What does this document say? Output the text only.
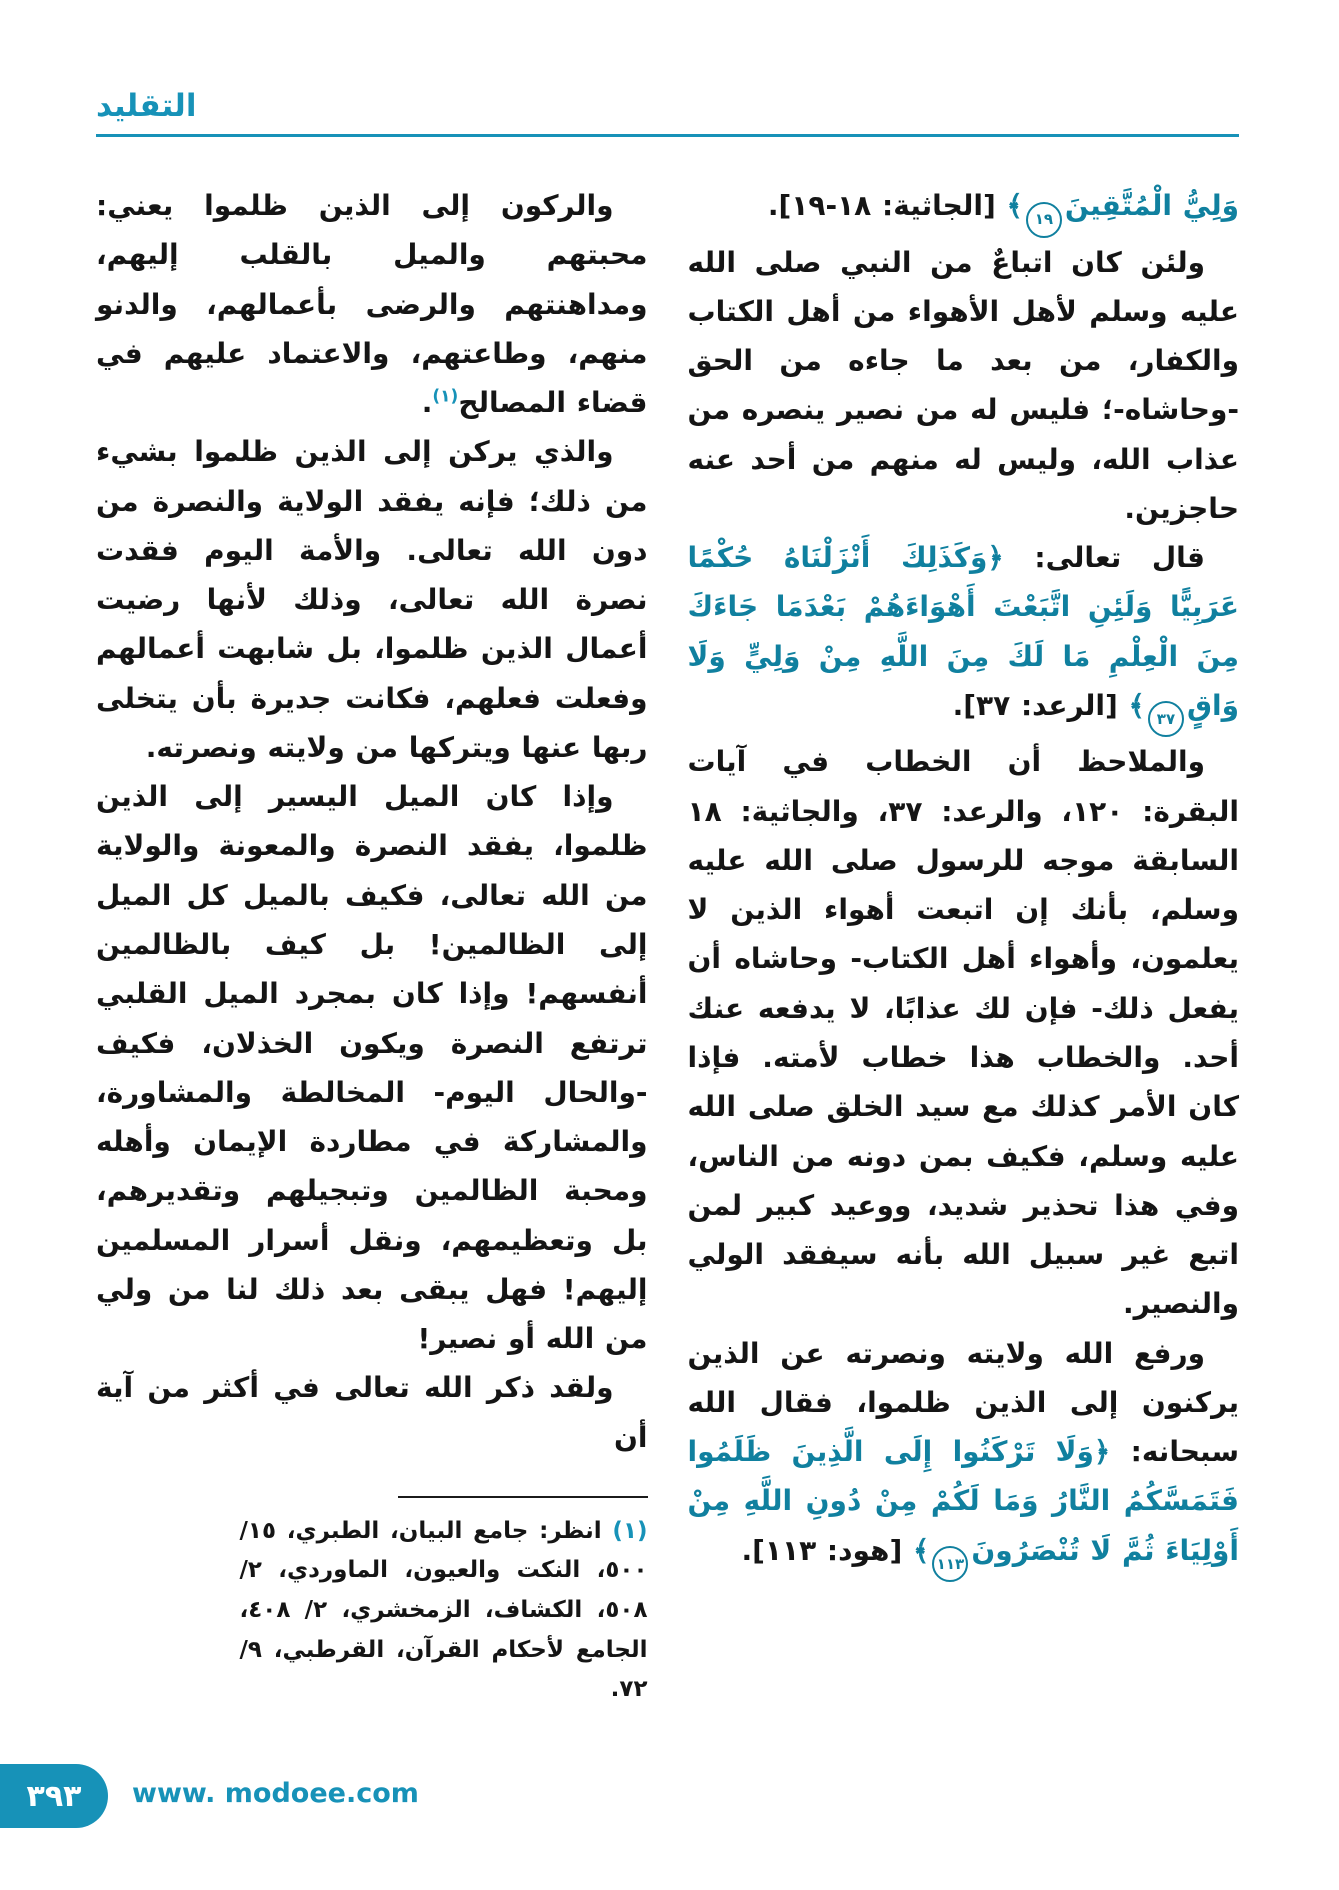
التقليد

وَلِيُّ الْمُتَّقِينَ١٩﴾ [الجاثية: ١٨-١٩].

ولئن كان اتباعٌ من النبي صلى الله عليه وسلم لأهل الأهواء من أهل الكتاب والكفار، من بعد ما جاءه من الحق -وحاشاه-؛ فليس له من نصير ينصره من عذاب الله، وليس له منهم من أحد عنه حاجزين.

قال تعالى: ﴿وَكَذَلِكَ أَنْزَلْنَاهُ حُكْمًا عَرَبِيًّا وَلَئِنِ اتَّبَعْتَ أَهْوَاءَهُمْ بَعْدَمَا جَاءَكَ مِنَ الْعِلْمِ مَا لَكَ مِنَ اللَّهِ مِنْ وَلِيٍّ وَلَا وَاقٍ٣٧﴾ [الرعد: ٣٧].

والملاحظ أن الخطاب في آيات البقرة: ١٢٠، والرعد: ٣٧، والجاثية: ١٨ السابقة موجه للرسول صلى الله عليه وسلم، بأنك إن اتبعت أهواء الذين لا يعلمون، وأهواء أهل الكتاب- وحاشاه أن يفعل ذلك- فإن لك عذابًا، لا يدفعه عنك أحد. والخطاب هذا خطاب لأمته. فإذا كان الأمر كذلك مع سيد الخلق صلى الله عليه وسلم، فكيف بمن دونه من الناس، وفي هذا تحذير شديد، ووعيد كبير لمن اتبع غير سبيل الله بأنه سيفقد الولي والنصير.

ورفع الله ولايته ونصرته عن الذين يركنون إلى الذين ظلموا، فقال الله سبحانه: ﴿وَلَا تَرْكَنُوا إِلَى الَّذِينَ ظَلَمُوا فَتَمَسَّكُمُ النَّارُ وَمَا لَكُمْ مِنْ دُونِ اللَّهِ مِنْ أَوْلِيَاءَ ثُمَّ لَا تُنْصَرُونَ١١٣﴾ [هود: ١١٣].

والركون إلى الذين ظلموا يعني: محبتهم والميل بالقلب إليهم، ومداهنتهم والرضى بأعمالهم، والدنو منهم، وطاعتهم، والاعتماد عليهم في قضاء المصالح$^{(١)}$.

والذي يركن إلى الذين ظلموا بشيء من ذلك؛ فإنه يفقد الولاية والنصرة من دون الله تعالى. والأمة اليوم فقدت نصرة الله تعالى، وذلك لأنها رضيت أعمال الذين ظلموا، بل شابهت أعمالهم وفعلت فعلهم، فكانت جديرة بأن يتخلى ربها عنها ويتركها من ولايته ونصرته.

وإذا كان الميل اليسير إلى الذين ظلموا، يفقد النصرة والمعونة والولاية من الله تعالى، فكيف بالميل كل الميل إلى الظالمين! بل كيف بالظالمين أنفسهم! وإذا كان بمجرد الميل القلبي ترتفع النصرة ويكون الخذلان، فكيف -والحال اليوم- المخالطة والمشاورة، والمشاركة في مطاردة الإيمان وأهله ومحبة الظالمين وتبجيلهم وتقديرهم، بل وتعظيمهم، ونقل أسرار المسلمين إليهم! فهل يبقى بعد ذلك لنا من ولي من الله أو نصير!

ولقد ذكر الله تعالى في أكثر من آية أن

(١) انظر: جامع البيان، الطبري، ١٥/ ٥٠٠، النكت والعيون، الماوردي، ٢/ ٥٠٨، الكشاف، الزمخشري، ٢/ ٤٠٨، الجامع لأحكام القرآن، القرطبي، ٩/ ٧٢.

٣٩٣ www. modoee.com
